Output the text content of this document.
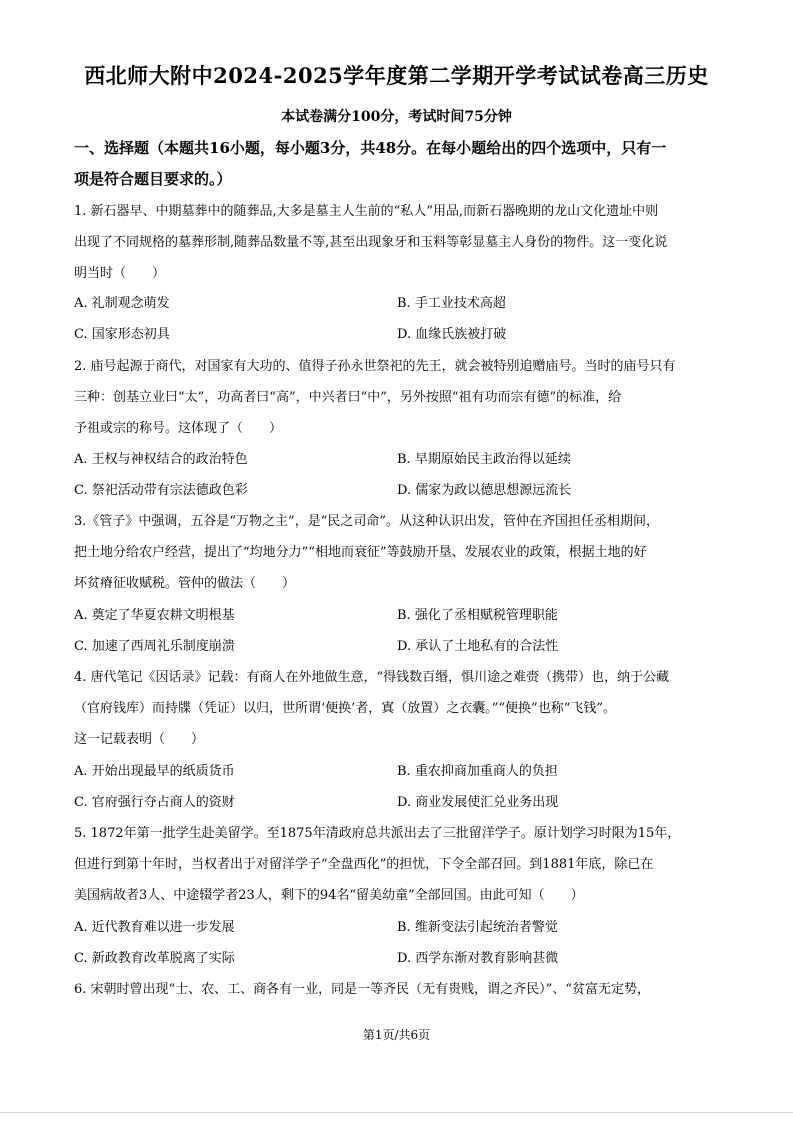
西北师大附中2024-2025学年度第二学期开学考试试卷高三历史
本试卷满分100分，考试时间75分钟
一、选择题（本题共16小题，每小题3分，共48分。在每小题给出的四个选项中，只有一
项是符合题目要求的。）
1. 新石器早、中期墓葬中的随葬品,大多是墓主人生前的“私人”用品,而新石器晚期的龙山文化遗址中则
出现了不同规格的墓葬形制,随葬品数量不等,甚至出现象牙和玉料等彰显墓主人身份的物件。这一变化说
明当时（　　）
A. 礼制观念萌发	B. 手工业技术高超
C. 国家形态初具	D. 血缘氏族被打破
2. 庙号起源于商代，对国家有大功的、值得子孙永世祭祀的先王，就会被特别追赠庙号。当时的庙号只有
三种：创基立业曰“太”，功高者曰“高”，中兴者曰“中”，另外按照“祖有功而宗有德”的标准，给
予祖或宗的称号。这体现了（　　）
A. 王权与神权结合的政治特色	B. 早期原始民主政治得以延续
C. 祭祀活动带有宗法德政色彩	D. 儒家为政以德思想源远流长
3.《管子》中强调，五谷是“万物之主”，是“民之司命”。从这种认识出发，管仲在齐国担任丞相期间，
把土地分给农户经营，提出了“均地分力”“相地而衰征”等鼓励开垦、发展农业的政策，根据土地的好
坏贫瘠征收赋税。管仲的做法（　　）
A. 奠定了华夏农耕文明根基	B. 强化了丞相赋税管理职能
C. 加速了西周礼乐制度崩溃	D. 承认了土地私有的合法性
4. 唐代笔记《因话录》记载：有商人在外地做生意，“得钱数百缗，惧川途之难赍（携带）也，纳于公藏
（官府钱库）而持牒（凭证）以归，世所谓‘便换’者，寘（放置）之衣囊。”“便换”也称“飞钱”。
这一记载表明（　　）
A. 开始出现最早的纸质货币	B. 重农抑商加重商人的负担
C. 官府强行夺占商人的资财	D. 商业发展使汇兑业务出现
5. 1872年第一批学生赴美留学。至1875年清政府总共派出去了三批留洋学子。原计划学习时限为15年，
但进行到第十年时，当权者出于对留洋学子“全盘西化”的担忧，下令全部召回。到1881年底，除已在
美国病故者3人、中途辍学者23人，剩下的94名“留美幼童”全部回国。由此可知（　　）
A. 近代教育难以进一步发展	B. 维新变法引起统治者警觉
C. 新政教育改革脱离了实际	D. 西学东渐对教育影响甚微
6. 宋朝时曾出现“士、农、工、商各有一业，同是一等齐民（无有贵贱，谓之齐民）”、“贫富无定势，
第1页/共6页
